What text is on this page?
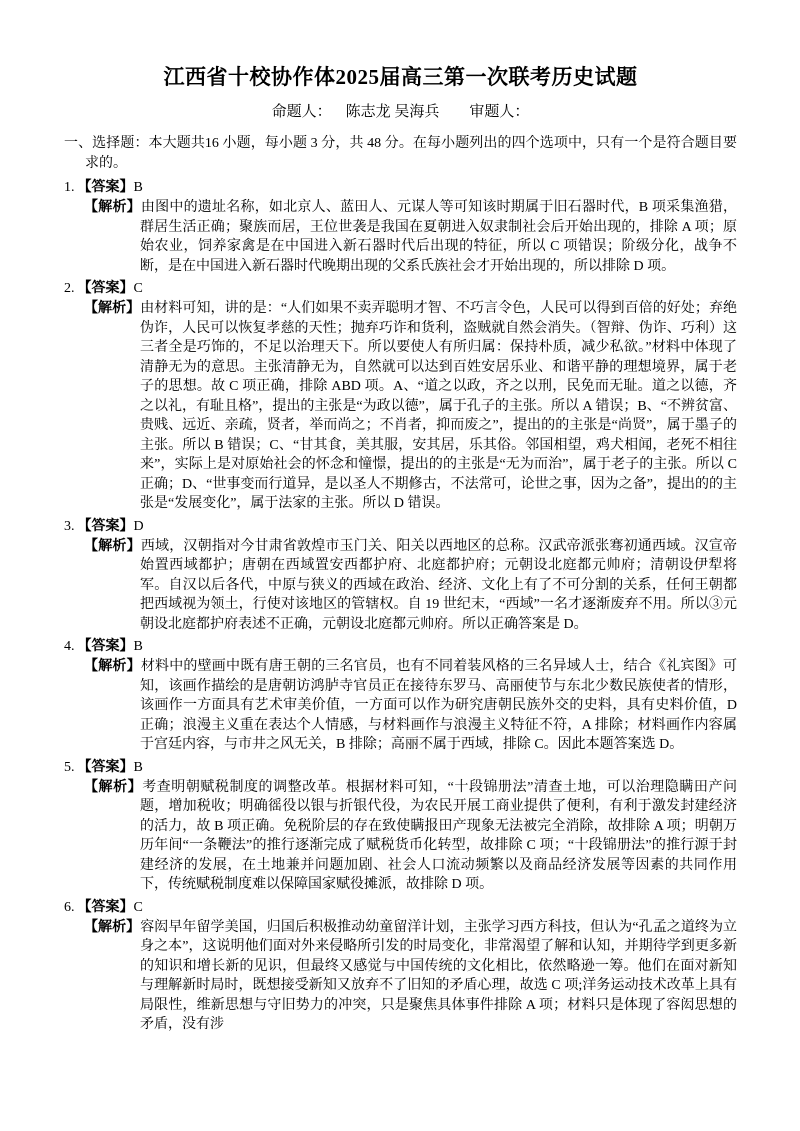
江西省十校协作体2025届高三第一次联考历史试题
命题人： 陈志龙 吴海兵 审题人：

一、选择题：本大题共16 小题，每小题 3 分，共 48 分。在每小题列出的四个选项中，只有一个是符合题目要求的。

1. 【答案】B

【解析】由图中的遗址名称，如北京人、蓝田人、元谋人等可知该时期属于旧石器时代，B 项采集渔猎，群居生活正确；聚族而居，王位世袭是我国在夏朝进入奴隶制社会后开始出现的，排除 A 项；原始农业，饲养家禽是在中国进入新石器时代后出现的特征，所以 C 项错误；阶级分化，战争不断，是在中国进入新石器时代晚期出现的父系氏族社会才开始出现的，所以排除 D 项。

2. 【答案】C

【解析】由材料可知，讲的是：“人们如果不卖弄聪明才智、不巧言令色，人民可以得到百倍的好处；弃绝伪诈，人民可以恢复孝慈的天性；抛弃巧诈和货利，盗贼就自然会消失。（智辩、伪诈、巧利）这三者全是巧饰的，不足以治理天下。所以要使人有所归属：保持朴质，减少私欲。”材料中体现了清静无为的意思。主张清静无为，自然就可以达到百姓安居乐业、和谐平静的理想境界，属于老子的思想。故 C 项正确，排除 ABD 项。A、“道之以政，齐之以刑，民免而无耻。道之以德，齐之以礼，有耻且格”，提出的主张是“为政以德”，属于孔子的主张。所以 A 错误；B、“不辨贫富、贵贱、远近、亲疏，贤者，举而尚之；不肖者，抑而废之”，提出的的主张是“尚贤”，属于墨子的主张。所以 B 错误；C、“甘其食，美其服，安其居，乐其俗。邻国相望，鸡犬相闻，老死不相往来”，实际上是对原始社会的怀念和憧憬，提出的的主张是“无为而治”，属于老子的主张。所以 C 正确；D、“世事变而行道异，是以圣人不期修古，不法常可，论世之事，因为之备”，提出的的主张是“发展变化”，属于法家的主张。所以 D 错误。

3. 【答案】D

【解析】西域，汉朝指对今甘肃省敦煌市玉门关、阳关以西地区的总称。汉武帝派张骞初通西域。汉宣帝始置西域都护；唐朝在西域置安西都护府、北庭都护府；元朝设北庭都元帅府；清朝设伊犁将军。自汉以后各代，中原与狭义的西域在政治、经济、文化上有了不可分割的关系，任何王朝都把西域视为领土，行使对该地区的管辖权。自 19 世纪末，“西域”一名才逐渐废弃不用。所以③元朝设北庭都护府表述不正确，元朝设北庭都元帅府。所以正确答案是 D。

4. 【答案】B

【解析】材料中的壁画中既有唐王朝的三名官员，也有不同着装风格的三名异域人士，结合《礼宾图》可知，该画作描绘的是唐朝访鸿胪寺官员正在接待东罗马、高丽使节与东北少数民族使者的情形，该画作一方面具有艺术审美价值，一方面可以作为研究唐朝民族外交的史料，具有史料价值，D 正确；浪漫主义重在表达个人情感，与材料画作与浪漫主义特征不符，A 排除；材料画作内容属于宫廷内容，与市井之风无关，B 排除；高丽不属于西域，排除 C。因此本题答案选 D。

5. 【答案】B

【解析】考查明朝赋税制度的调整改革。根据材料可知，“十段锦册法”清查土地，可以治理隐瞒田产问题，增加税收；明确徭役以银与折银代役，为农民开展工商业提供了便利，有利于激发封建经济的活力，故 B 项正确。免税阶层的存在致使瞒报田产现象无法被完全消除，故排除 A 项；明朝万历年间“一条鞭法”的推行逐渐完成了赋税货币化转型，故排除 C 项；“十段锦册法”的推行源于封建经济的发展，在土地兼并问题加剧、社会人口流动频繁以及商品经济发展等因素的共同作用下，传统赋税制度难以保障国家赋役摊派，故排除 D 项。

6. 【答案】C

【解析】容闳早年留学美国，归国后积极推动幼童留洋计划，主张学习西方科技，但认为“孔孟之道终为立身之本”，这说明他们面对外来侵略所引发的时局变化，非常渴望了解和认知，并期待学到更多新的知识和增长新的见识，但最终又感觉与中国传统的文化相比，依然略逊一筹。他们在面对新知与理解新时局时，既想接受新知又放弃不了旧知的矛盾心理，故选 C 项;洋务运动技术改革上具有局限性，维新思想与守旧势力的冲突，只是聚焦具体事件排除 A 项；材料只是体现了容闳思想的矛盾，没有涉
